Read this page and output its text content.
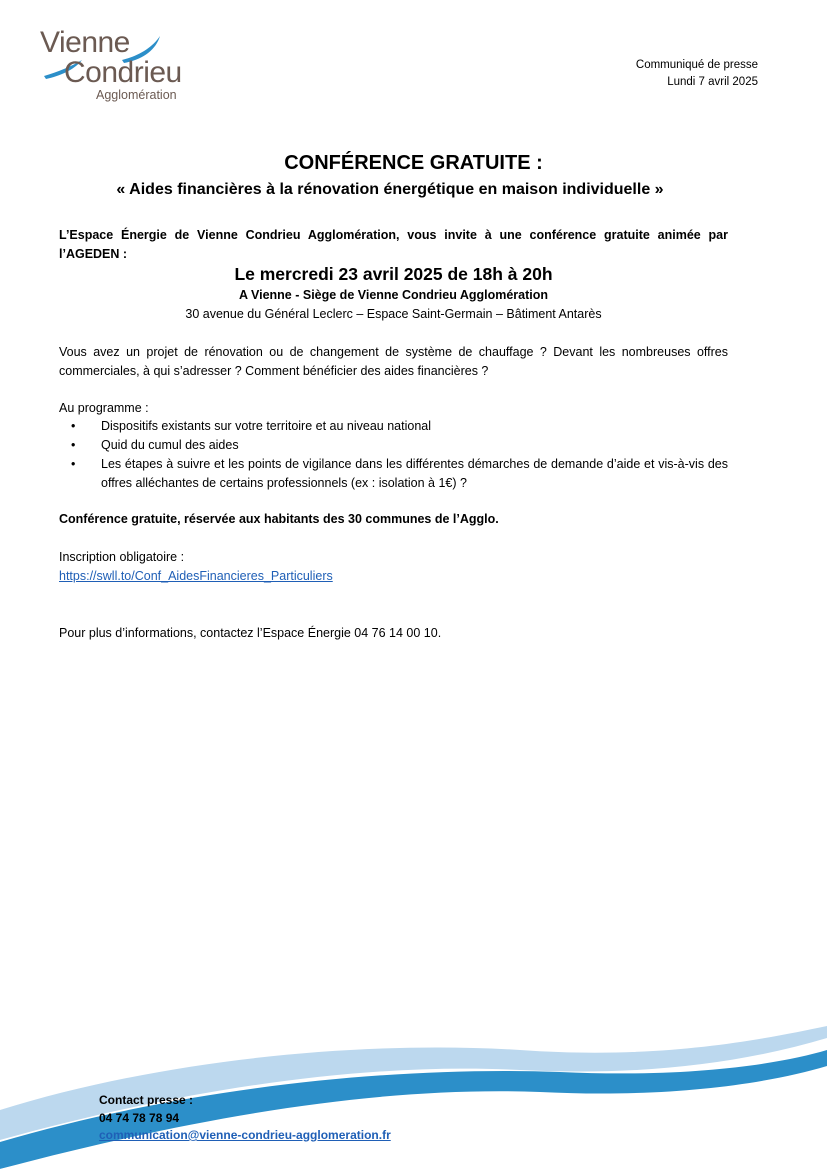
Vienne
Condrieu
Agglomération
Communiqué de presse
Lundi 7 avril 2025
CONFÉRENCE GRATUITE :
« Aides financières à la rénovation énergétique en maison individuelle »
L’Espace Énergie de Vienne Condrieu Agglomération, vous invite à une conférence gratuite animée par l’AGEDEN :
Le mercredi 23 avril 2025 de 18h à 20h
A Vienne - Siège de Vienne Condrieu Agglomération
30 avenue du Général Leclerc – Espace Saint-Germain – Bâtiment Antarès
Vous avez un projet de rénovation ou de changement de système de chauffage ? Devant les nombreuses offres commerciales, à qui s’adresser ? Comment bénéficier des aides financières ?
Au programme :
• Dispositifs existants sur votre territoire et au niveau national
• Quid du cumul des aides
• Les étapes à suivre et les points de vigilance dans les différentes démarches de demande d’aide et vis-à-vis des offres alléchantes de certains professionnels (ex : isolation à 1€) ?
Conférence gratuite, réservée aux habitants des 30 communes de l’Agglo.
Inscription obligatoire :
https://swll.to/Conf_AidesFinancieres_Particuliers
Pour plus d’informations, contactez l’Espace Énergie 04 76 14 00 10.
Contact presse :
04 74 78 78 94
communication@vienne-condrieu-agglomeration.fr
